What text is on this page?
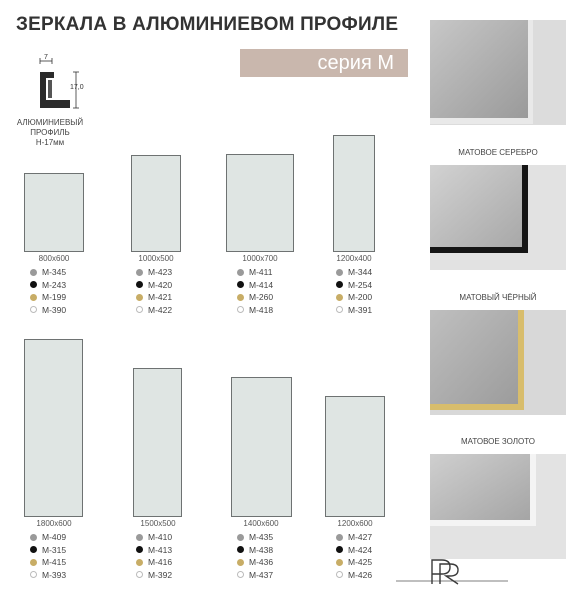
ЗЕРКАЛА В АЛЮМИНИЕВОМ ПРОФИЛЕ
серия М
7
17,0
АЛЮМИНИЕВЫЙ
ПРОФИЛЬ
H-17мм
800x600
M-345
M-243
M-199
M-390
1000x500
M-423
M-420
M-421
M-422
1000x700
M-411
M-414
M-260
M-418
1200x400
M-344
M-254
M-200
M-391
1800x600
M-409
M-315
M-415
M-393
1500x500
M-410
M-413
M-416
M-392
1400x600
M-435
M-438
M-436
M-437
1200x600
M-427
M-424
M-425
M-426
МАТОВОЕ СЕРЕБРО
МАТОВЫЙ ЧЁРНЫЙ
МАТОВОЕ ЗОЛОТО
